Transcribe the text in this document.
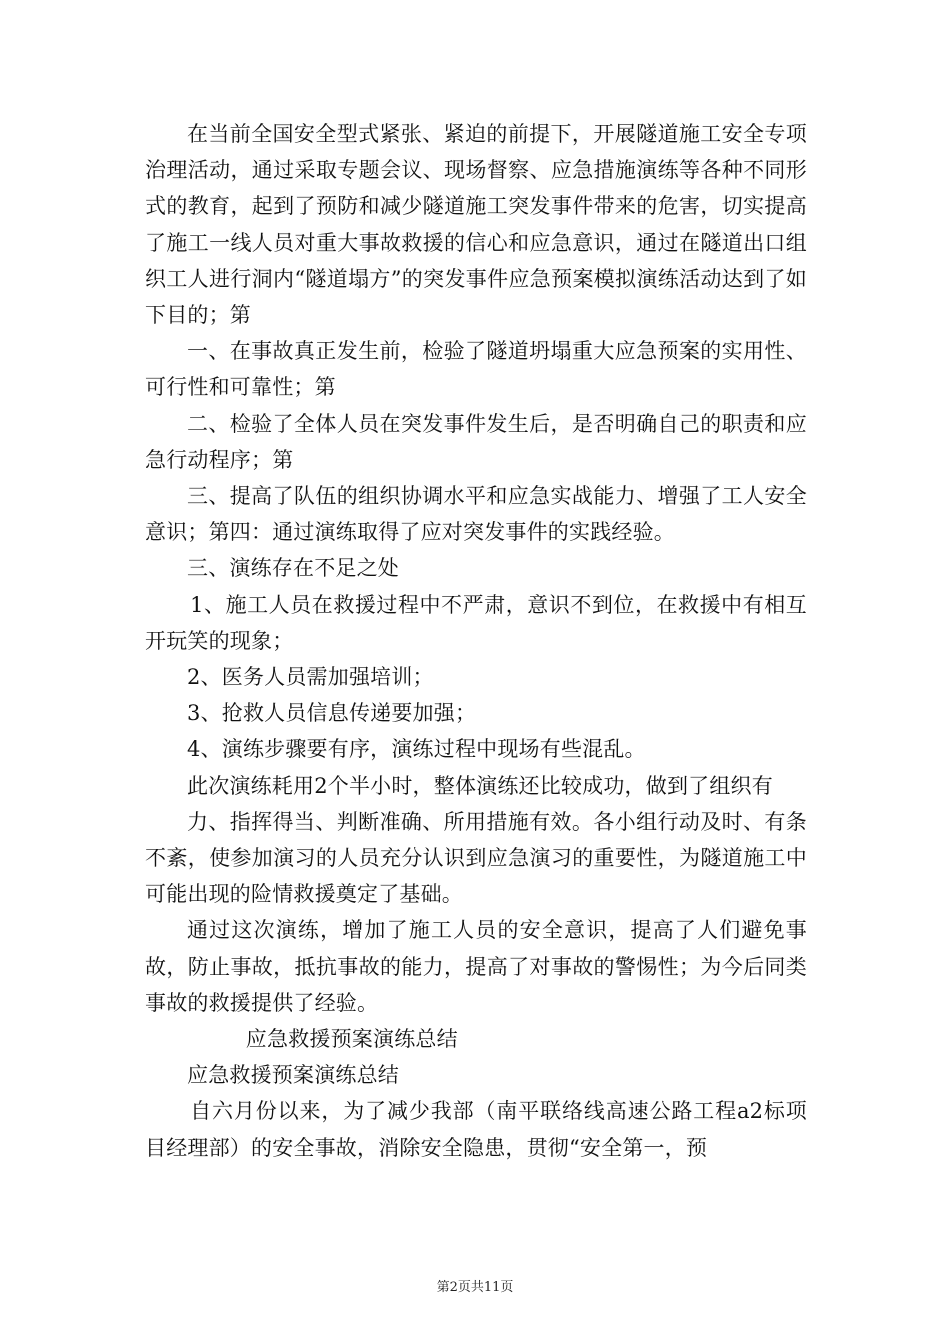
在当前全国安全型式紧张、紧迫的前提下，开展隧道施工安全专项治理活动，通过采取专题会议、现场督察、应急措施演练等各种不同形式的教育，起到了预防和减少隧道施工突发事件带来的危害，切实提高了施工一线人员对重大事故救援的信心和应急意识，通过在隧道出口组织工人进行洞内“隧道塌方”的突发事件应急预案模拟演练活动达到了如下目的；第

一、在事故真正发生前，检验了隧道坍塌重大应急预案的实用性、可行性和可靠性；第

二、检验了全体人员在突发事件发生后，是否明确自己的职责和应急行动程序；第

三、提高了队伍的组织协调水平和应急实战能力、增强了工人安全意识；第四：通过演练取得了应对突发事件的实践经验。

三、演练存在不足之处

1、施工人员在救援过程中不严肃，意识不到位，在救援中有相互开玩笑的现象；

2、医务人员需加强培训；

3、抢救人员信息传递要加强；

4、演练步骤要有序，演练过程中现场有些混乱。

此次演练耗用2个半小时，整体演练还比较成功，做到了组织有

力、指挥得当、判断准确、所用措施有效。各小组行动及时、有条不紊，使参加演习的人员充分认识到应急演习的重要性，为隧道施工中可能出现的险情救援奠定了基础。

通过这次演练，增加了施工人员的安全意识，提高了人们避免事故，防止事故，抵抗事故的能力，提高了对事故的警惕性；为今后同类事故的救援提供了经验。

应急救援预案演练总结

应急救援预案演练总结

自六月份以来，为了减少我部（南平联络线高速公路工程a2标项目经理部）的安全事故，消除安全隐患，贯彻“安全第一，预

第2页共11页
